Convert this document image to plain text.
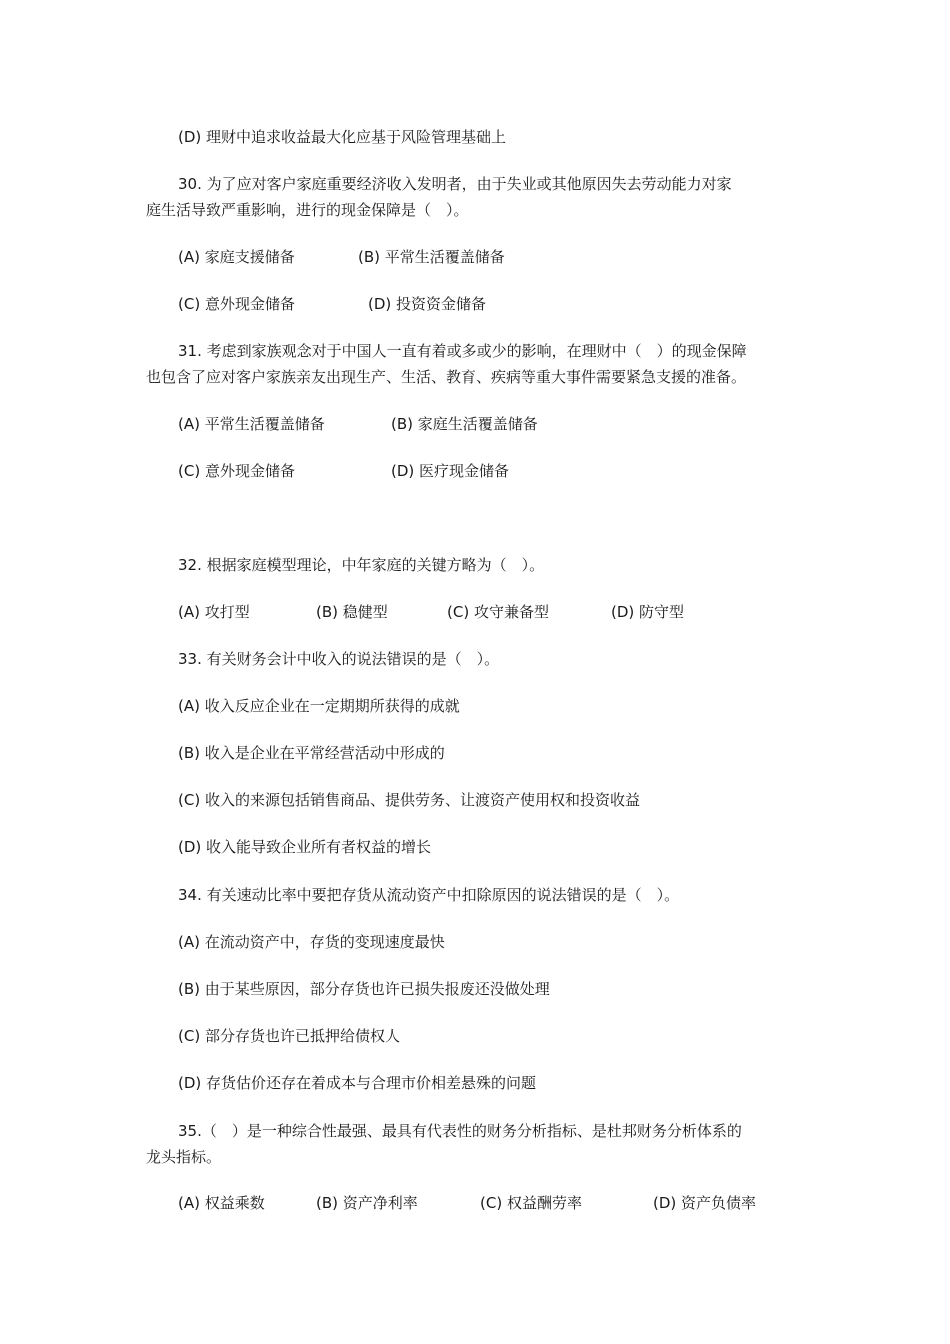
(D) 理财中追求收益最大化应基于风险管理基础上
30. 为了应对客户家庭重要经济收入发明者，由于失业或其他原因失去劳动能力对家
庭生活导致严重影响，进行的现金保障是（　）。
(A) 家庭支援储备	(B) 平常生活覆盖储备
(C) 意外现金储备	(D) 投资资金储备
31. 考虑到家族观念对于中国人一直有着或多或少的影响，在理财中（　）的现金保障
也包含了应对客户家族亲友出现生产、生活、教育、疾病等重大事件需要紧急支援的准备。
(A) 平常生活覆盖储备	(B) 家庭生活覆盖储备
(C) 意外现金储备	(D) 医疗现金储备
32. 根据家庭模型理论，中年家庭的关键方略为（　）。
(A) 攻打型	(B) 稳健型	(C) 攻守兼备型	(D) 防守型
33. 有关财务会计中收入的说法错误的是（　）。
(A) 收入反应企业在一定期期所获得的成就
(B) 收入是企业在平常经营活动中形成的
(C) 收入的来源包括销售商品、提供劳务、让渡资产使用权和投资收益
(D) 收入能导致企业所有者权益的增长
34. 有关速动比率中要把存货从流动资产中扣除原因的说法错误的是（　）。
(A) 在流动资产中，存货的变现速度最快
(B) 由于某些原因，部分存货也许已损失报废还没做处理
(C) 部分存货也许已抵押给债权人
(D) 存货估价还存在着成本与合理市价相差悬殊的问题
35.（　）是一种综合性最强、最具有代表性的财务分析指标、是杜邦财务分析体系的
龙头指标。
(A) 权益乘数	(B) 资产净利率	(C) 权益酬劳率	(D) 资产负债率
